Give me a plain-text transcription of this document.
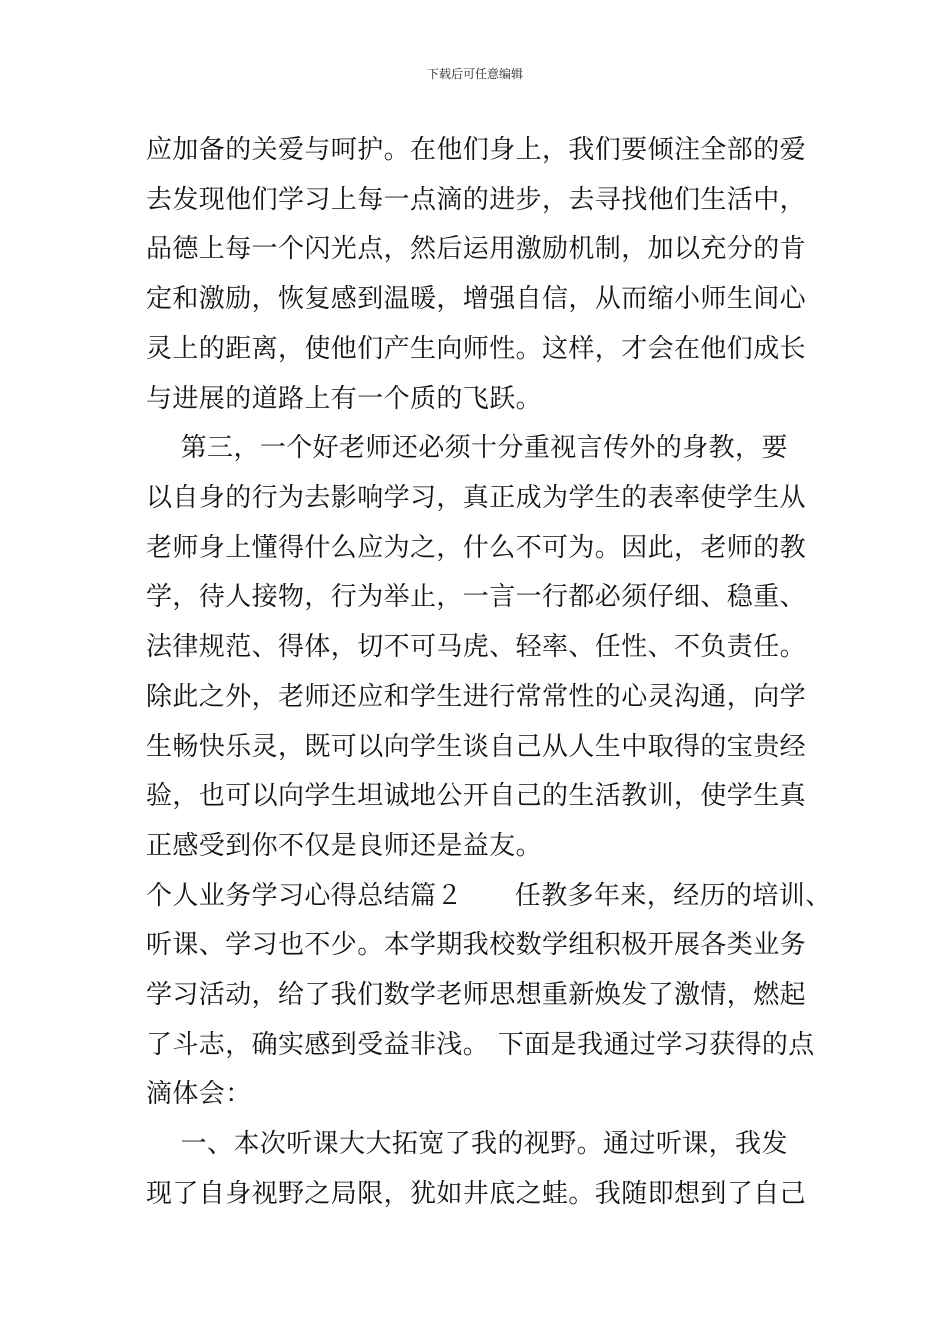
下载后可任意编辑
应加备的关爱与呵护。在他们身上，我们要倾注全部的爱
去发现他们学习上每一点滴的进步，去寻找他们生活中，
品德上每一个闪光点，然后运用激励机制，加以充分的肯
定和激励，恢复感到温暖，增强自信，从而缩小师生间心
灵上的距离，使他们产生向师性。这样，才会在他们成长
与进展的道路上有一个质的飞跃。
第三，一个好老师还必须十分重视言传外的身教，要
以自身的行为去影响学习，真正成为学生的表率使学生从
老师身上懂得什么应为之，什么不可为。因此，老师的教
学，待人接物，行为举止，一言一行都必须仔细、稳重、
法律规范、得体，切不可马虎、轻率、任性、不负责任。
除此之外，老师还应和学生进行常常性的心灵沟通，向学
生畅快乐灵，既可以向学生谈自己从人生中取得的宝贵经
验，也可以向学生坦诚地公开自己的生活教训，使学生真
正感受到你不仅是良师还是益友。
个人业务学习心得总结篇２      任教多年来，经历的培训、
听课、学习也不少。本学期我校数学组积极开展各类业务
学习活动，给了我们数学老师思想重新焕发了激情，燃起
了斗志，确实感到受益非浅。 下面是我通过学习获得的点
滴体会：
一、本次听课大大拓宽了我的视野。通过听课，我发
现了自身视野之局限，犹如井底之蛙。我随即想到了自己
